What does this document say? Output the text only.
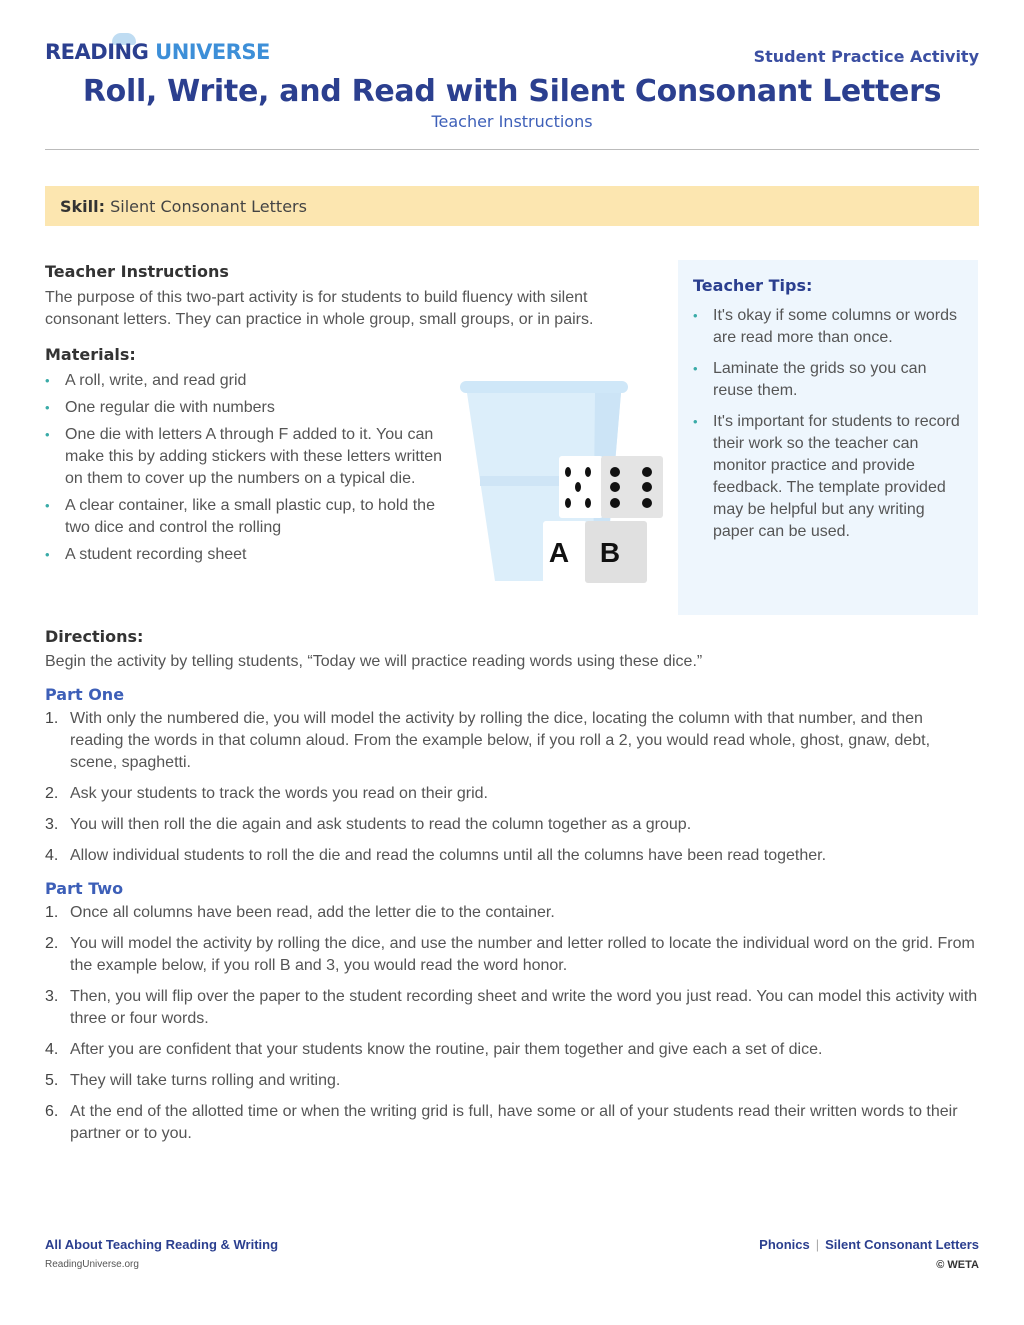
READING UNIVERSE	Student Practice Activity
Roll, Write, and Read with Silent Consonant Letters
Teacher Instructions
Skill: Silent Consonant Letters
Teacher Instructions

The purpose of this two-part activity is for students to build fluency with silent consonant letters. They can practice in whole group, small groups, or in pairs.

Materials:
• A roll, write, and read grid
• One regular die with numbers
• One die with letters A through F added to it. You can make this by adding stickers with these letters written on them to cover up the numbers on a typical die.
• A clear container, like a small plastic cup, to hold the two dice and control the rolling
• A student recording sheet	A B
Teacher Tips:
• It's okay if some columns or words are read more than once.
• Laminate the grids so you can reuse them.
• It's important for students to record their work so the teacher can monitor practice and provide feedback. The template provided may be helpful but any writing paper can be used.
Directions:

Begin the activity by telling students, “Today we will practice reading words using these dice.”

Part One
1. With only the numbered die, you will model the activity by rolling the dice, locating the column with that number, and then reading the words in that column aloud. From the example below, if you roll a 2, you would read whole, ghost, gnaw, debt, scene, spaghetti.
2. Ask your students to track the words you read on their grid.
3. You will then roll the die again and ask students to read the column together as a group.
4. Allow individual students to roll the die and read the columns until all the columns have been read together.
Part Two
1. Once all columns have been read, add the letter die to the container.
2. You will model the activity by rolling the dice, and use the number and letter rolled to locate the individual word on the grid. From the example below, if you roll B and 3, you would read the word honor.
3. Then, you will flip over the paper to the student recording sheet and write the word you just read. You can model this activity with three or four words.
4. After you are confident that your students know the routine, pair them together and give each a set of dice.
5. They will take turns rolling and writing.
6. At the end of the allotted time or when the writing grid is full, have some or all of your students read their written words to their partner or to you.
All About Teaching Reading & Writing
ReadingUniverse.org
Phonics | Silent Consonant Letters
© WETA
